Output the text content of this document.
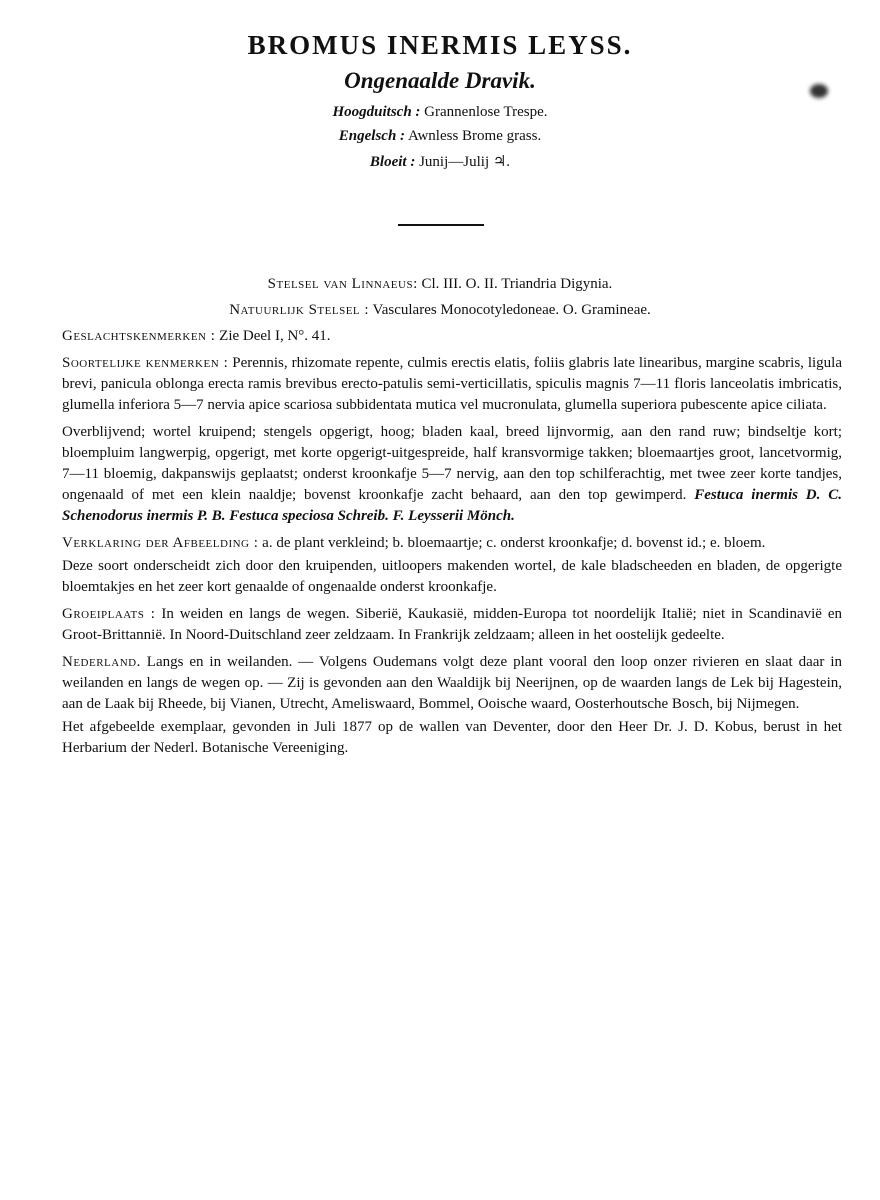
BROMUS INERMIS LEYSS.
Ongenaalde Dravik.
Hoogduitsch : Grannenlose Trespe.
Engelsch : Awnless Brome grass.
Bloeit : Junij—Julij ♃.
Stelsel van Linnaeus: Cl. III. O. II. Triandria Digynia.
Natuurlijk Stelsel : Vasculares Monocotyledoneae. O. Gramineae.

Geslachtskenmerken : Zie Deel I, N°. 41.

Soortelijke kenmerken : Perennis, rhizomate repente, culmis erectis elatis, foliis glabris late linearibus, margine scabris, ligula brevi, panicula oblonga erecta ramis brevibus erecto-patulis semi-verticillatis, spiculis magnis 7—11 floris lanceolatis imbricatis, glumella inferiora 5—7 nervia apice scariosa subbidentata mutica vel mucronulata, glumella superiora pubescente apice ciliata.

Overblijvend; wortel kruipend; stengels opgerigt, hoog; bladen kaal, breed lijnvormig, aan den rand ruw; bindseltje kort; bloempluim langwerpig, opgerigt, met korte opgerigt-uitgespreide, half kransvormige takken; bloemaartjes groot, lancetvormig, 7—11 bloemig, dakpanswijs geplaatst; onderst kroonkafje 5—7 nervig, aan den top schilferachtig, met twee zeer korte tandjes, ongenaald of met een klein naaldje; bovenst kroonkafje zacht behaard, aan den top gewimperd. Festuca inermis D. C. Schenodorus inermis P. B. Festuca speciosa Schreib. F. Leysserii Mönch.

Verklaring der Afbeelding : a. de plant verkleind; b. bloemaartje; c. onderst kroonkafje; d. bovenst id.; e. bloem.

Deze soort onderscheidt zich door den kruipenden, uitloopers makenden wortel, de kale bladscheeden en bladen, de opgerigte bloemtakjes en het zeer kort genaalde of ongenaalde onderst kroonkafje.

Groeiplaats : In weiden en langs de wegen. Siberië, Kaukasië, midden-Europa tot noordelijk Italië; niet in Scandinavië en Groot-Brittannië. In Noord-Duitschland zeer zeldzaam. In Frankrijk zeldzaam; alleen in het oostelijk gedeelte.

Nederland. Langs en in weilanden. — Volgens Oudemans volgt deze plant vooral den loop onzer rivieren en slaat daar in weilanden en langs de wegen op. — Zij is gevonden aan den Waaldijk bij Neerijnen, op de waarden langs de Lek bij Hagestein, aan de Laak bij Rheede, bij Vianen, Utrecht, Ameliswaard, Bommel, Ooische waard, Oosterhoutsche Bosch, bij Nijmegen.

Het afgebeelde exemplaar, gevonden in Juli 1877 op de wallen van Deventer, door den Heer Dr. J. D. Kobus, berust in het Herbarium der Nederl. Botanische Vereeniging.
